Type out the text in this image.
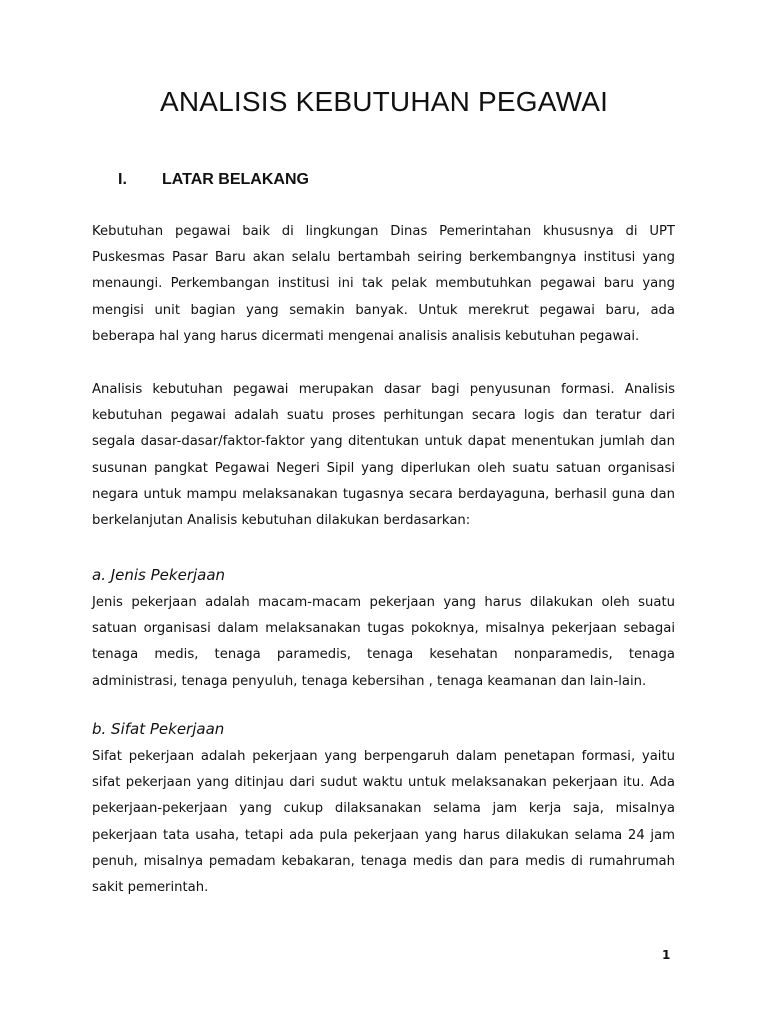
ANALISIS KEBUTUHAN PEGAWAI
I. LATAR BELAKANG
Kebutuhan pegawai baik di lingkungan Dinas Pemerintahan khususnya di UPT Puskesmas Pasar Baru akan selalu bertambah seiring berkembangnya institusi yang menaungi. Perkembangan institusi ini tak pelak membutuhkan pegawai baru yang mengisi unit bagian yang semakin banyak. Untuk merekrut pegawai baru, ada beberapa hal yang harus dicermati mengenai analisis analisis kebutuhan pegawai.
Analisis kebutuhan pegawai merupakan dasar bagi penyusunan formasi. Analisis kebutuhan pegawai adalah suatu proses perhitungan secara logis dan teratur dari segala dasar-dasar/faktor-faktor yang ditentukan untuk dapat menentukan jumlah dan susunan pangkat Pegawai Negeri Sipil yang diperlukan oleh suatu satuan organisasi negara untuk mampu melaksanakan tugasnya secara berdayaguna, berhasil guna dan berkelanjutan Analisis kebutuhan dilakukan berdasarkan:
a. Jenis Pekerjaan
Jenis pekerjaan adalah macam-macam pekerjaan yang harus dilakukan oleh suatu satuan organisasi dalam melaksanakan tugas pokoknya, misalnya pekerjaan sebagai tenaga medis, tenaga paramedis, tenaga kesehatan nonparamedis, tenaga administrasi, tenaga penyuluh, tenaga kebersihan , tenaga keamanan dan lain-lain.
b. Sifat Pekerjaan
Sifat pekerjaan adalah pekerjaan yang berpengaruh dalam penetapan formasi, yaitu sifat pekerjaan yang ditinjau dari sudut waktu untuk melaksanakan pekerjaan itu. Ada pekerjaan-pekerjaan yang cukup dilaksanakan selama jam kerja saja, misalnya pekerjaan tata usaha, tetapi ada pula pekerjaan yang harus dilakukan selama 24 jam penuh, misalnya pemadam kebakaran, tenaga medis dan para medis di rumahrumah sakit pemerintah.
1
